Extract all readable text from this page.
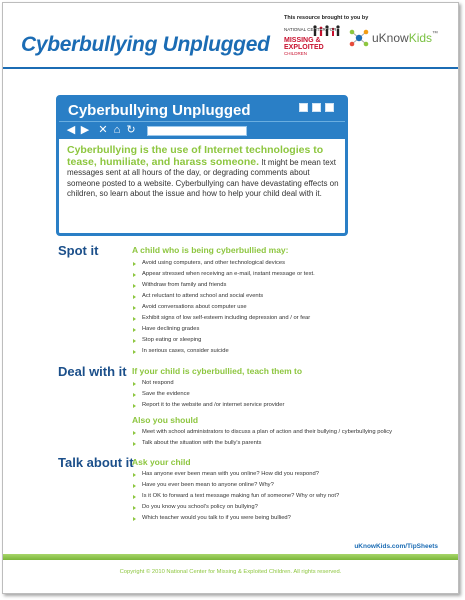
Cyberbullying Unplugged
This resource brought to you by
NATIONAL CENTER FOR
MISSING &
EXPLOITED
CHILDREN
uKnowKids™
Cyberbullying Unplugged
◀ ▶ ✕ ⌂ ↻
Cyberbullying is the use of Internet technologies to tease, humiliate, and harass someone. It might be mean text messages sent at all hours of the day, or degrading comments about someone posted to a website. Cyberbullying can have devastating effects on children, so learn about the issue and how to help your child deal with it.
Spot it	A child who is being cyberbullied may:
Avoid using computers, and other technological devices
Appear stressed when receiving an e-mail, instant message or text.
Withdraw from family and friends
Act reluctant to attend school and social events
Avoid conversations about computer use
Exhibit signs of low self-esteem including depression and / or fear
Have declining grades
Stop eating or sleeping
In serious cases, consider suicide
Deal with it If your child is cyberbullied, teach them to
Not respond
Save the evidence
Report it to the website and /or internet service provider
Also you should
Meet with school administrators to discuss a plan of action and their bullying / cyberbullying policy
Talk about the situation with the bully's parents
Talk about it
Ask your child
Has anyone ever been mean with you online? How did you respond?
Have you ever been mean to anyone online? Why?
Is it OK to forward a text message making fun of someone? Why or why not?
Do you know you school's policy on bullying?
Which teacher would you talk to if you were being bullied?
uKnowKids.com/TipSheets
Copyright © 2010 National Center for Missing & Exploited Children. All rights reserved.
